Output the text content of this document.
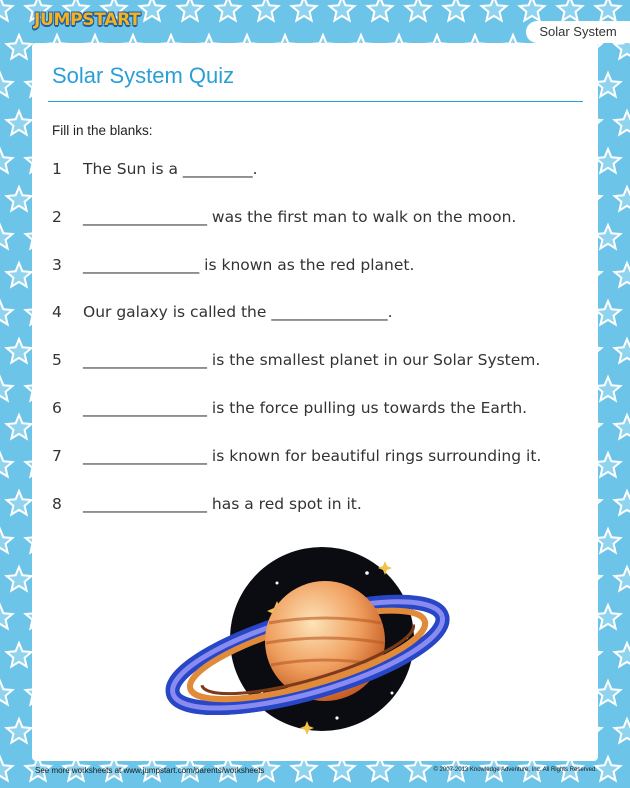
JUMPSTART
Solar System
Solar System Quiz
Fill in the blanks:
1 The Sun is a _________.
2 ________________ was the first man to walk on the moon.
3 _______________ is known as the red planet.
4 Our galaxy is called the _______________.
5 ________________ is the smallest planet in our Solar System.
6 ________________ is the force pulling us towards the Earth.
7 ________________ is known for beautiful rings surrounding it.
8 ________________ has a red spot in it.
See more worksheets at www.jumpstart.com/parents/worksheets	© 2007-2013 Knowledge Adventure, Inc. All Rights Reserved.
